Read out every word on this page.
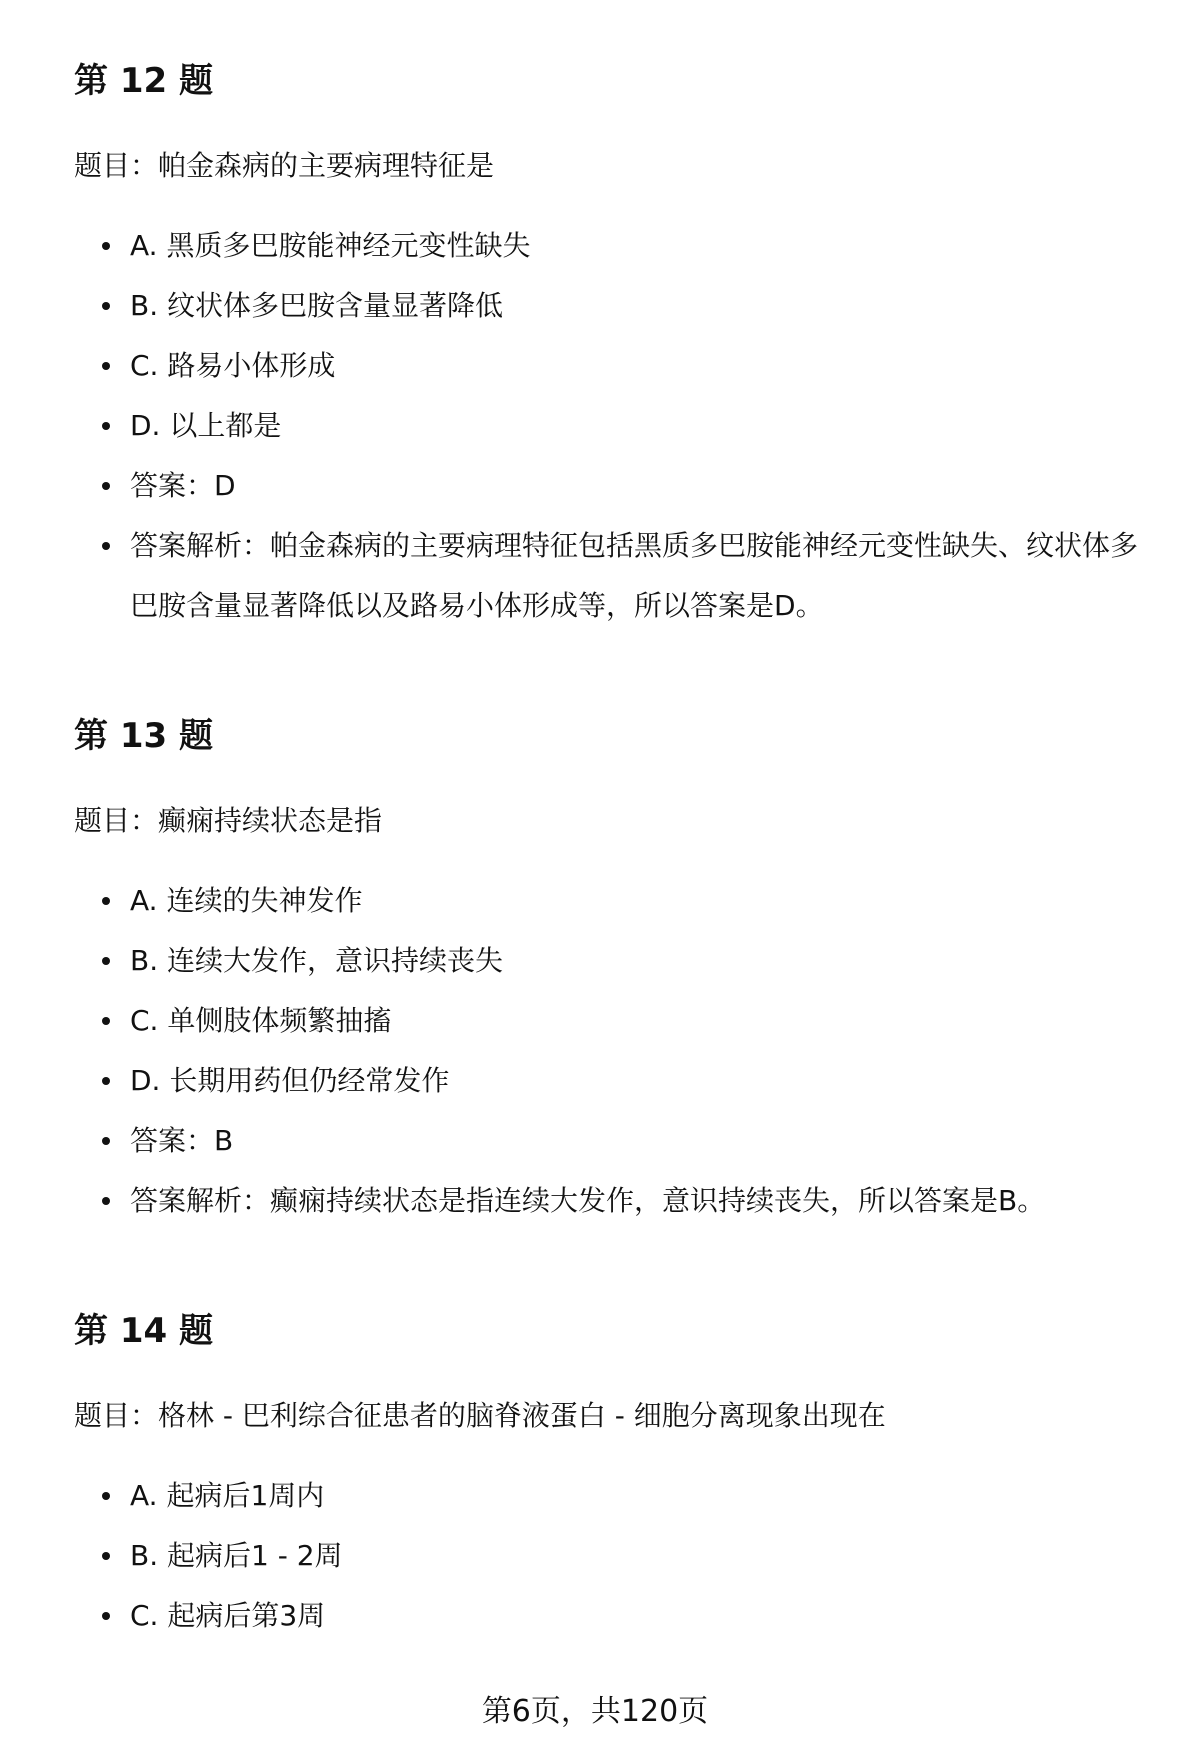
第 12 题

题目：帕金森病的主要病理特征是

A. 黑质多巴胺能神经元变性缺失
B. 纹状体多巴胺含量显著降低
C. 路易小体形成
D. 以上都是
答案：D
答案解析：帕金森病的主要病理特征包括黑质多巴胺能神经元变性缺失、纹状体多巴胺含量显著降低以及路易小体形成等，所以答案是D。
第 13 题

题目：癫痫持续状态是指

A. 连续的失神发作
B. 连续大发作，意识持续丧失
C. 单侧肢体频繁抽搐
D. 长期用药但仍经常发作
答案：B
答案解析：癫痫持续状态是指连续大发作，意识持续丧失，所以答案是B。
第 14 题

题目：格林 - 巴利综合征患者的脑脊液蛋白 - 细胞分离现象出现在

A. 起病后1周内
B. 起病后1 - 2周
C. 起病后第3周
第6页，共120页
